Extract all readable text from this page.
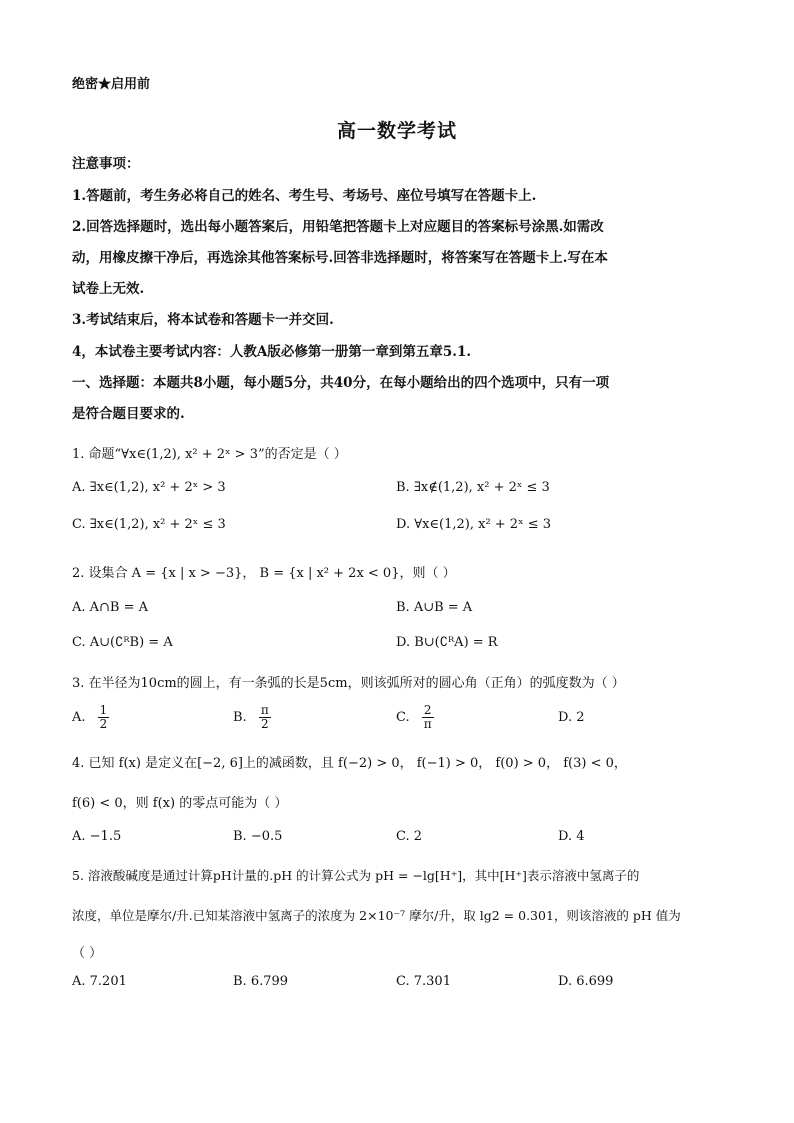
绝密★启用前
高一数学考试
注意事项：
1.答题前，考生务必将自己的姓名、考生号、考场号、座位号填写在答题卡上.
2.回答选择题时，选出每小题答案后，用铅笔把答题卡上对应题目的答案标号涂黑.如需改
动，用橡皮擦干净后，再选涂其他答案标号.回答非选择题时，将答案写在答题卡上.写在本
试卷上无效.
3.考试结束后，将本试卷和答题卡一并交回.
4，本试卷主要考试内容：人教A版必修第一册第一章到第五章5.1.
一、选择题：本题共8小题，每小题5分，共40分，在每小题给出的四个选项中，只有一项
是符合题目要求的.
1. 命题“∀x∈(1,2), x² + 2ˣ > 3”的否定是（ ）
A. ∃x∈(1,2), x² + 2ˣ > 3	B. ∃x∉(1,2), x² + 2ˣ ≤ 3
C. ∃x∈(1,2), x² + 2ˣ ≤ 3	D. ∀x∈(1,2), x² + 2ˣ ≤ 3
2. 设集合 A = {x | x > −3}， B = {x | x² + 2x < 0}，则（ ）
A. A∩B = A	B. A∪B = A
C. A∪(∁ᴿB) = A	D. B∪(∁ᴿA) = R
3. 在半径为10cm的圆上，有一条弧的长是5cm，则该弧所对的圆心角（正角）的弧度数为（ ）
A. $\frac{1}{2}$	B. $\frac{\pi}{2}$	C. $\frac{2}{\pi}$	D. 2
4. 已知 f(x) 是定义在[−2, 6]上的减函数，且 f(−2) > 0， f(−1) > 0， f(0) > 0， f(3) < 0，
f(6) < 0，则 f(x) 的零点可能为（ ）
A. −1.5	B. −0.5	C. 2	D. 4
5. 溶液酸碱度是通过计算pH计量的.pH 的计算公式为 pH = −lg[H⁺]，其中[H⁺]表示溶液中氢离子的
浓度，单位是摩尔/升.已知某溶液中氢离子的浓度为 2×10⁻⁷ 摩尔/升，取 lg2 = 0.301，则该溶液的 pH 值为
（ ）
A. 7.201	B. 6.799	C. 7.301	D. 6.699
